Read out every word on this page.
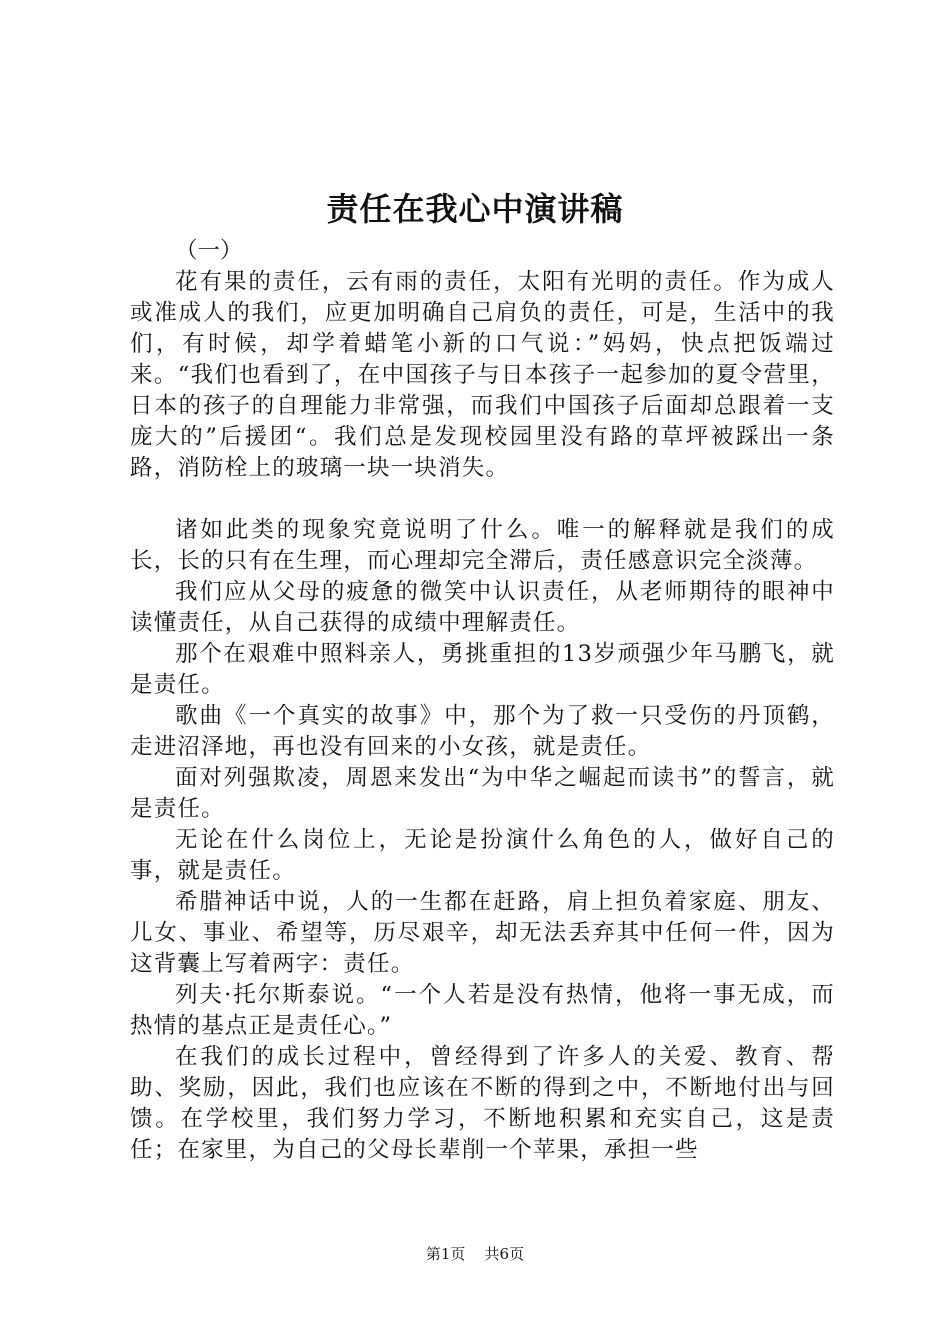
责任在我心中演讲稿

（一）

花有果的责任，云有雨的责任，太阳有光明的责任。作为成人或准成人的我们，应更加明确自己肩负的责任，可是，生活中的我们，有时候，却学着蜡笔小新的口气说：”妈妈，快点把饭端过来。“我们也看到了，在中国孩子与日本孩子一起参加的夏令营里，日本的孩子的自理能力非常强，而我们中国孩子后面却总跟着一支庞大的”后援团“。我们总是发现校园里没有路的草坪被踩出一条路，消防栓上的玻璃一块一块消失。

诸如此类的现象究竟说明了什么。唯一的解释就是我们的成长，长的只有在生理，而心理却完全滞后，责任感意识完全淡薄。

我们应从父母的疲惫的微笑中认识责任，从老师期待的眼神中读懂责任，从自己获得的成绩中理解责任。

那个在艰难中照料亲人，勇挑重担的13岁顽强少年马鹏飞，就是责任。

歌曲《一个真实的故事》中，那个为了救一只受伤的丹顶鹤，走进沼泽地，再也没有回来的小女孩，就是责任。

面对列强欺凌，周恩来发出“为中华之崛起而读书”的誓言，就是责任。

无论在什么岗位上，无论是扮演什么角色的人，做好自己的事，就是责任。

希腊神话中说，人的一生都在赶路，肩上担负着家庭、朋友、儿女、事业、希望等，历尽艰辛，却无法丢弃其中任何一件，因为这背囊上写着两字：责任。

列夫·托尔斯泰说。“一个人若是没有热情，他将一事无成，而热情的基点正是责任心。”

在我们的成长过程中，曾经得到了许多人的关爱、教育、帮助、奖励，因此，我们也应该在不断的得到之中，不断地付出与回馈。在学校里，我们努力学习，不断地积累和充实自己，这是责任；在家里，为自己的父母长辈削一个苹果，承担一些

第1页 共6页
